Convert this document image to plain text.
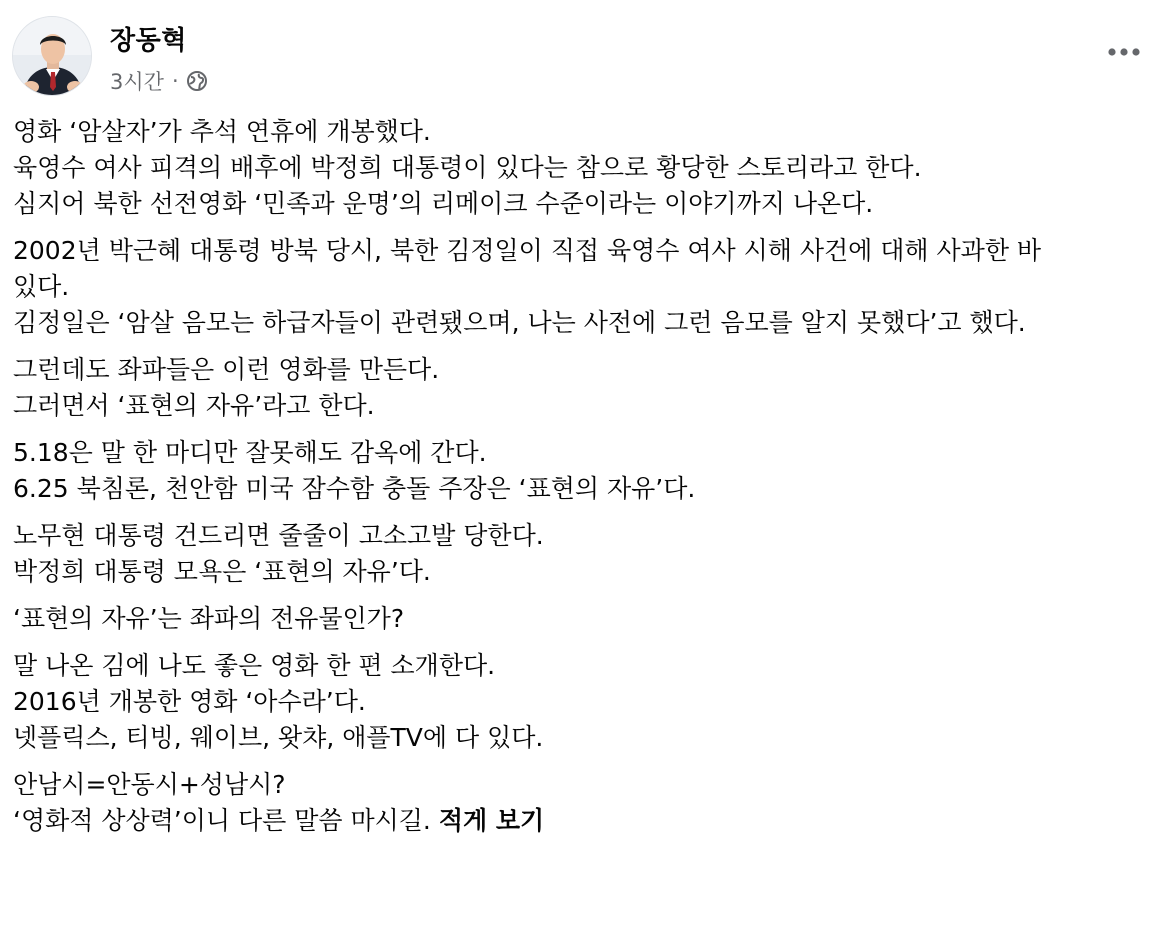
장동혁
3시간 ·
영화 ‘암살자’가 추석 연휴에 개봉했다.
육영수 여사 피격의 배후에 박정희 대통령이 있다는 참으로 황당한 스토리라고 한다.
심지어 북한 선전영화 ‘민족과 운명’의 리메이크 수준이라는 이야기까지 나온다.
2002년 박근혜 대통령 방북 당시, 북한 김정일이 직접 육영수 여사 시해 사건에 대해 사과한 바
있다.
김정일은 ‘암살 음모는 하급자들이 관련됐으며, 나는 사전에 그런 음모를 알지 못했다’고 했다.
그런데도 좌파들은 이런 영화를 만든다.
그러면서 ‘표현의 자유’라고 한다.
5.18은 말 한 마디만 잘못해도 감옥에 간다.
6.25 북침론, 천안함 미국 잠수함 충돌 주장은 ‘표현의 자유’다.
노무현 대통령 건드리면 줄줄이 고소고발 당한다.
박정희 대통령 모욕은 ‘표현의 자유’다.
‘표현의 자유’는 좌파의 전유물인가?
말 나온 김에 나도 좋은 영화 한 편 소개한다.
2016년 개봉한 영화 ‘아수라’다.
넷플릭스, 티빙, 웨이브, 왓챠, 애플TV에 다 있다.
안남시=안동시+성남시?
‘영화적 상상력’이니 다른 말씀 마시길. 적게 보기
